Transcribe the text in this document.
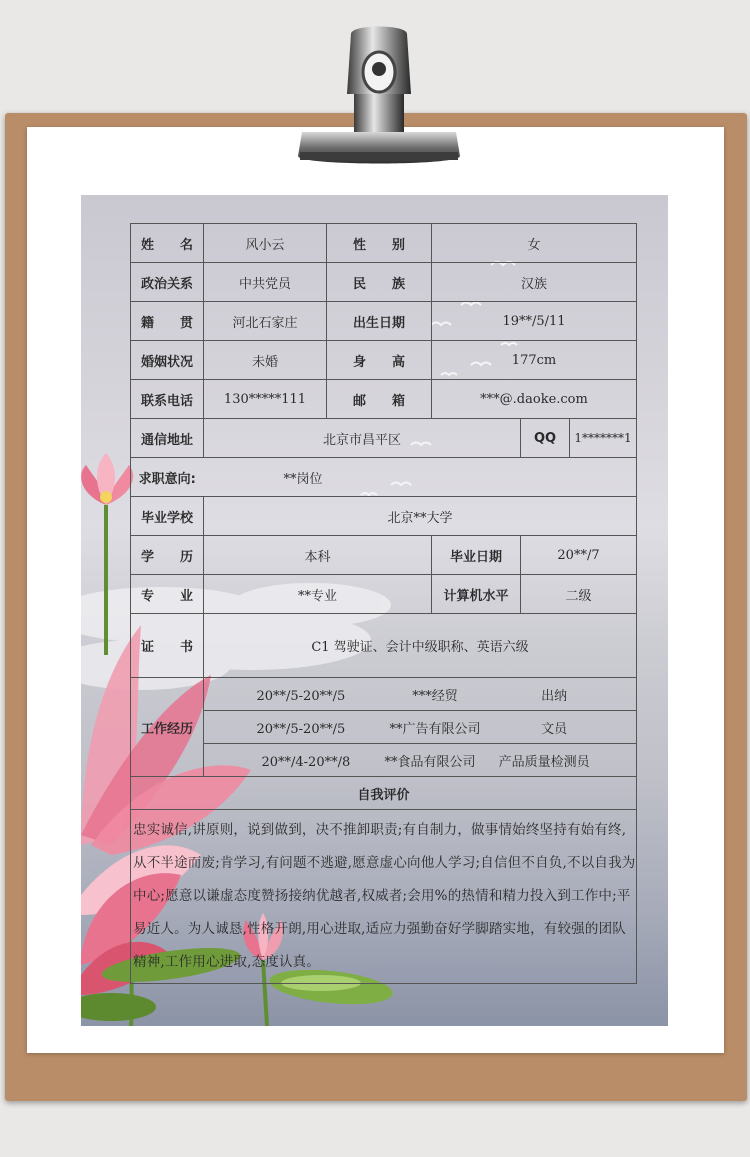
姓　　名	风小云	性　　别	女		
政治关系	中共党员	民　　族	汉族		
籍　　贯	河北石家庄	出生日期	19**/5/11		
婚姻状况	未婚	身　　高	177cm		
联系电话	130*****111	邮　　箱	***@.daoke.com		
通信地址	北京市昌平区			QQ	1*******1
求职意向:	**岗位				
毕业学校	北京**大学				
学　　历	本科		毕业日期	20**/7	
专　　业	**专业		计算机水平	二级	
证　　书	C1 驾驶证、会计中级职称、英语六级				
工作经历	20**/5-20**/5 ***经贸 出纳				
	20**/5-20**/5 **广告有限公司 文员				
	20**/4-20**/8 **食品有限公司 产品质量检测员				
自我评价					
忠实诚信,讲原则，说到做到，决不推卸职责;有自制力，做事情始终坚持有始有终,从不半途而废;肯学习,有问题不逃避,愿意虚心向他人学习;自信但不自负,不以自我为中心;愿意以谦虚态度赞扬接纳优越者,权威者;会用%的热情和精力投入到工作中;平易近人。为人诚恳,性格开朗,用心进取,适应力强勤奋好学脚踏实地，有较强的团队精神,工作用心进取,态度认真。					
